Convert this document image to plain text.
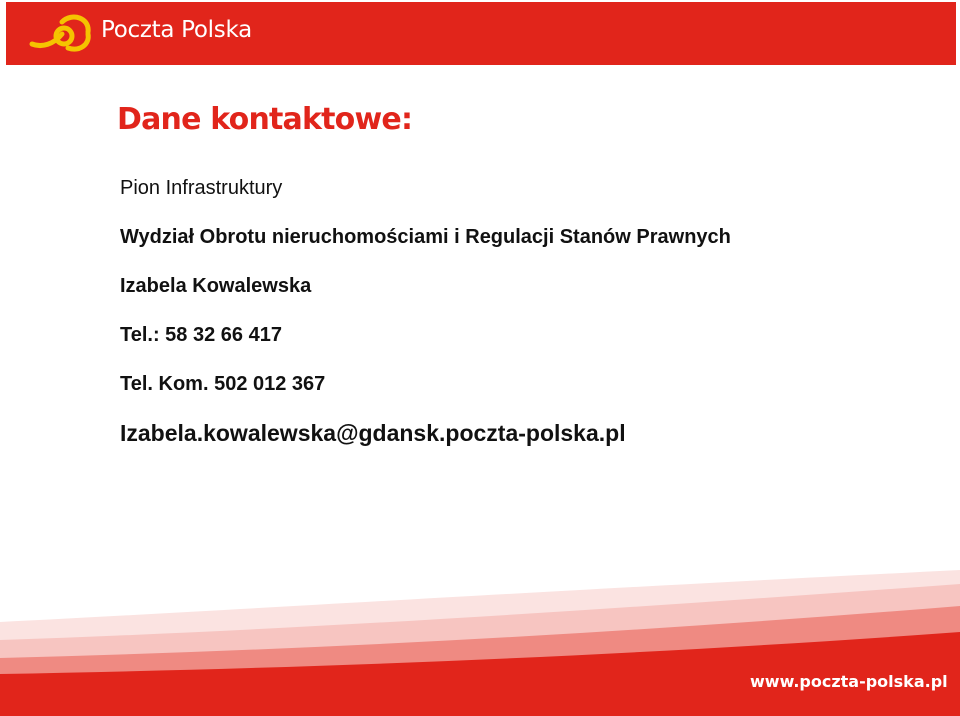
Poczta Polska
Dane kontaktowe:
Pion Infrastruktury
Wydział Obrotu nieruchomościami i Regulacji Stanów Prawnych
Izabela Kowalewska
Tel.: 58 32 66 417
Tel. Kom. 502 012 367
Izabela.kowalewska@gdansk.poczta-polska.pl
www.poczta-polska.pl
